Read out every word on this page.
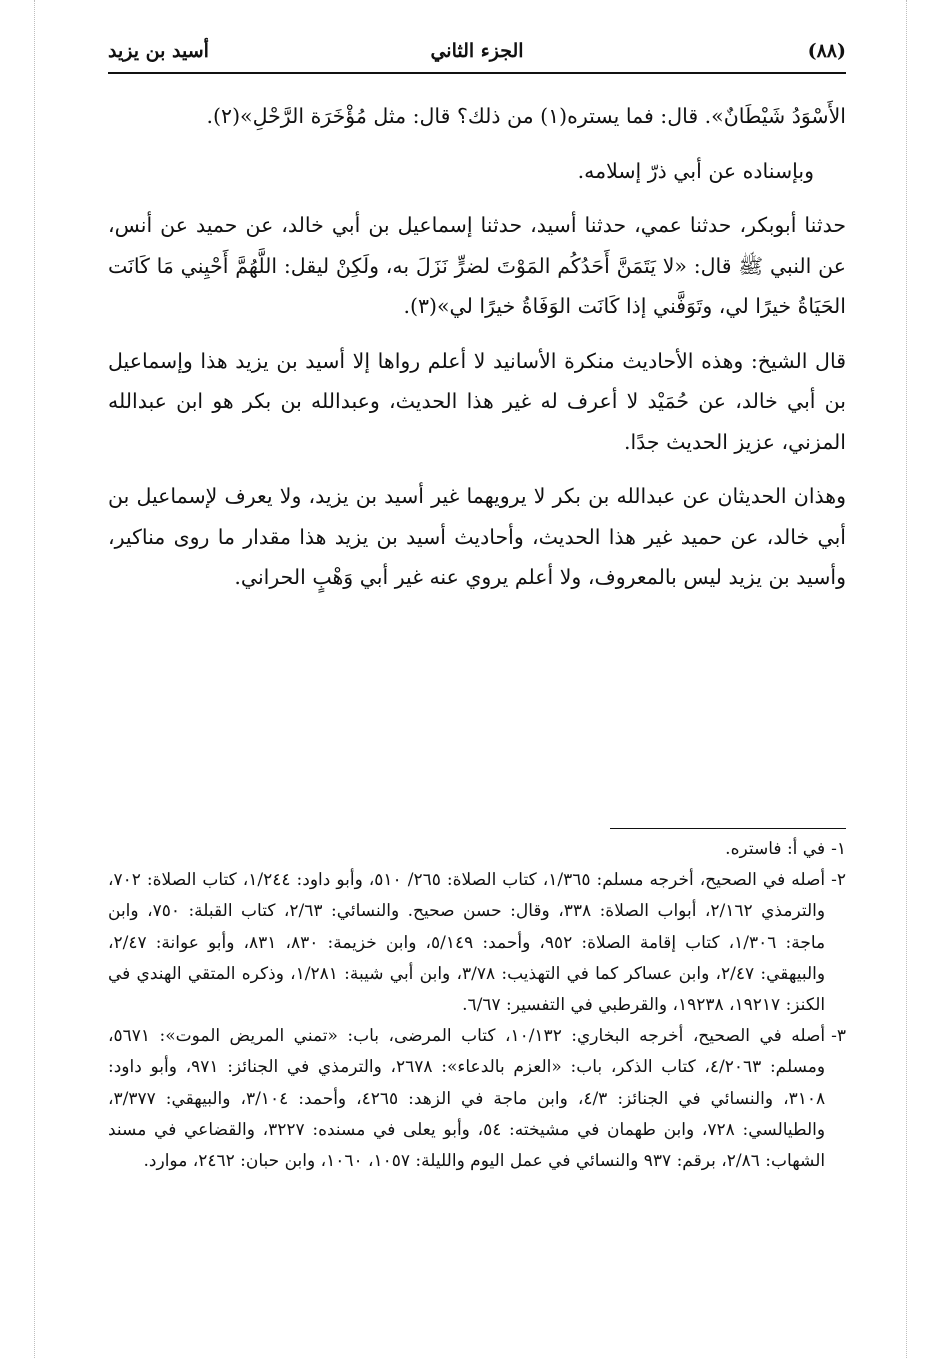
(٨٨)
الجزء الثاني
أسيد بن يزيد

الأَسْوَدُ شَيْطَانٌ». قال: فما يستره(١) من ذلك؟ قال: مثل مُؤْخَرَة الرَّحْلِ»(٢).

وبإسناده عن أبي ذرّ إسلامه.

حدثنا أبوبكر، حدثنا عمي، حدثنا أسيد، حدثنا إسماعيل بن أبي خالد، عن حميد عن أنس، عن النبي ﷺ قال: «لا يَتَمَنَّ أَحَدُكُم المَوْتَ لضرٍّ نَزَلَ به، ولَكِنْ ليقل: اللَّهُمَّ أَحْيِني مَا كَانَت الحَيَاةُ خيرًا لي، وتَوَفَّني إذا كَانَت الوَفَاةُ خيرًا لي»(٣).

قال الشيخ: وهذه الأحاديث منكرة الأسانيد لا أعلم رواها إلا أسيد بن يزيد هذا وإسماعيل بن أبي خالد، عن حُمَيْد لا أعرف له غير هذا الحديث، وعبدالله بن بكر هو ابن عبدالله المزني، عزيز الحديث جدًا.

وهذان الحديثان عن عبدالله بن بكر لا يرويهما غير أسيد بن يزيد، ولا يعرف لإسماعيل بن أبي خالد، عن حميد غير هذا الحديث، وأحاديث أسيد بن يزيد هذا مقدار ما روى مناكير، وأسيد بن يزيد ليس بالمعروف، ولا أعلم يروي عنه غير أبي وَهْبٍ الحراني.

١-
في أ: فاستره.
٢-
أصله في الصحيح، أخرجه مسلم: ١/٣٦٥، كتاب الصلاة: ٢٦٥/ ٥١٠، وأبو داود: ١/٢٤٤، كتاب الصلاة: ٧٠٢، والترمذي ٢/١٦٢، أبواب الصلاة: ٣٣٨، وقال: حسن صحيح. والنسائي: ٢/٦٣، كتاب القبلة: ٧٥٠، وابن ماجة: ١/٣٠٦، كتاب إقامة الصلاة: ٩٥٢، وأحمد: ٥/١٤٩، وابن خزيمة: ٨٣٠، ٨٣١، وأبو عوانة: ٢/٤٧، والبيهقي: ٢/٤٧، وابن عساكر كما في التهذيب: ٣/٧٨، وابن أبي شيبة: ١/٢٨١، وذكره المتقي الهندي في الكنز: ١٩٢١٧، ١٩٢٣٨، والقرطبي في التفسير: ٦/٦٧.
٣-
أصله في الصحيح، أخرجه البخاري: ١٠/١٣٢، كتاب المرضى، باب: «تمني المريض الموت»: ٥٦٧١، ومسلم: ٤/٢٠٦٣، كتاب الذكر، باب: «العزم بالدعاء»: ٢٦٧٨، والترمذي في الجنائز: ٩٧١، وأبو داود: ٣١٠٨، والنسائي في الجنائز: ٤/٣، وابن ماجة في الزهد: ٤٢٦٥، وأحمد: ٣/١٠٤، والبيهقي: ٣/٣٧٧، والطيالسي: ٧٢٨، وابن طهمان في مشيخته: ٥٤، وأبو يعلى في مسنده: ٣٢٢٧، والقضاعي في مسند الشهاب: ٢/٨٦، برقم: ٩٣٧ والنسائي في عمل اليوم والليلة: ١٠٥٧، ١٠٦٠، وابن حبان: ٢٤٦٢، موارد.
